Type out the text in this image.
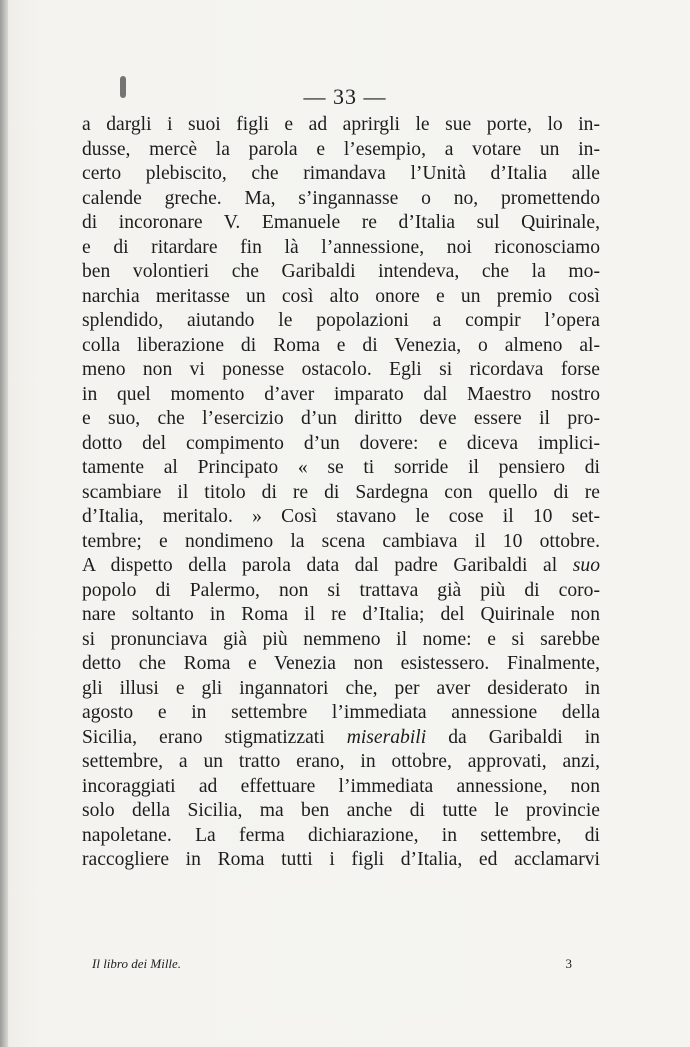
— 33 —
a dargli i suoi figli e ad aprirgli le sue porte, lo in-
dusse, mercè la parola e l’esempio, a votare un in-
certo plebiscito, che rimandava l’Unità d’Italia alle
calende greche. Ma, s’ingannasse o no, promettendo
di incoronare V. Emanuele re d’Italia sul Quirinale,
e di ritardare fin là l’annessione, noi riconosciamo
ben volontieri che Garibaldi intendeva, che la mo-
narchia meritasse un così alto onore e un premio così
splendido, aiutando le popolazioni a compir l’opera
colla liberazione di Roma e di Venezia, o almeno al-
meno non vi ponesse ostacolo. Egli si ricordava forse
in quel momento d’aver imparato dal Maestro nostro
e suo, che l’esercizio d’un diritto deve essere il pro-
dotto del compimento d’un dovere: e diceva implici-
tamente al Principato « se ti sorride il pensiero di
scambiare il titolo di re di Sardegna con quello di re
d’Italia, meritalo. » Così stavano le cose il 10 set-
tembre; e nondimeno la scena cambiava il 10 ottobre.
A dispetto della parola data dal padre Garibaldi al suo
popolo di Palermo, non si trattava già più di coro-
nare soltanto in Roma il re d’Italia; del Quirinale non
si pronunciava già più nemmeno il nome: e si sarebbe
detto che Roma e Venezia non esistessero. Finalmente,
gli illusi e gli ingannatori che, per aver desiderato in
agosto e in settembre l’immediata annessione della
Sicilia, erano stigmatizzati miserabili da Garibaldi in
settembre, a un tratto erano, in ottobre, approvati, anzi,
incoraggiati ad effettuare l’immediata annessione, non
solo della Sicilia, ma ben anche di tutte le provincie
napoletane. La ferma dichiarazione, in settembre, di
raccogliere in Roma tutti i figli d’Italia, ed acclamarvi
Il libro dei Mille.	3
